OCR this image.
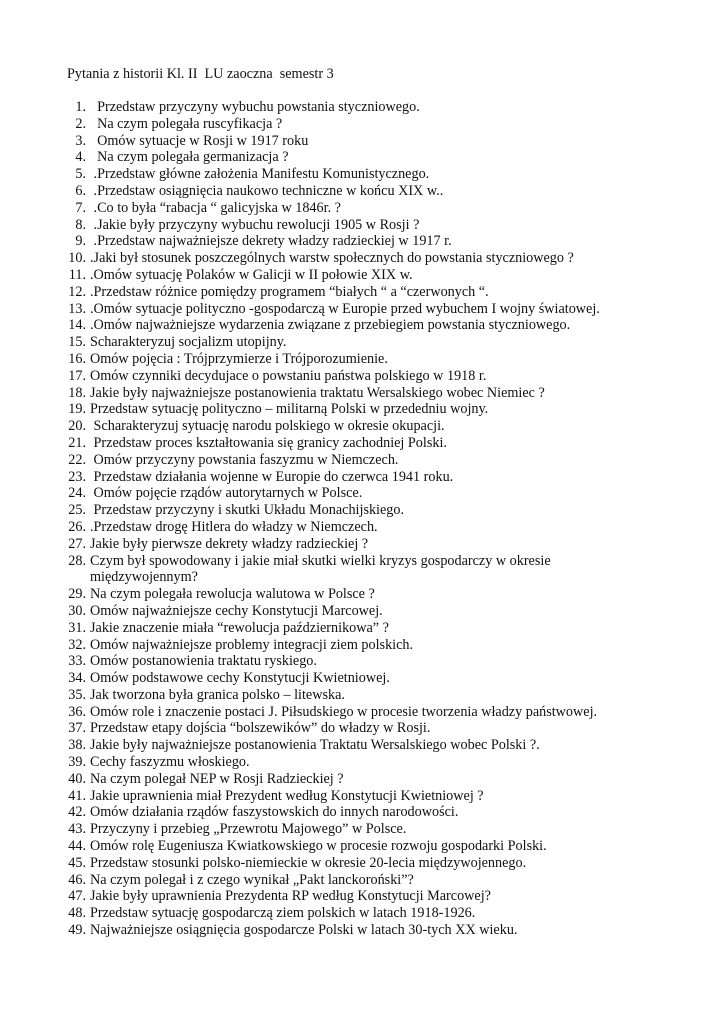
Pytania z historii Kl. II  LU zaoczna  semestr 3
1. Przedstaw przyczyny wybuchu powstania styczniowego.
2. Na czym polegała ruscyfikacja ?
3. Omów sytuacje w Rosji w 1917 roku
4. Na czym polegała germanizacja ?
5. .Przedstaw główne założenia Manifestu Komunistycznego.
6. .Przedstaw osiągnięcia naukowo techniczne w końcu XIX w..
7. .Co to była “rabacja “ galicyjska w 1846r. ?
8. .Jakie były przyczyny wybuchu rewolucji 1905 w Rosji ?
9. .Przedstaw najważniejsze dekrety władzy radzieckiej w 1917 r.
10. .Jaki był stosunek poszczególnych warstw społecznych do powstania styczniowego ?
11. .Omów sytuację Polaków w Galicji w II połowie XIX w.
12. .Przedstaw różnice pomiędzy programem “białych “ a “czerwonych “.
13. .Omów sytuacje polityczno -gospodarczą w Europie przed wybuchem I wojny światowej.
14. .Omów najważniejsze wydarzenia związane z przebiegiem powstania styczniowego.
15. Scharakteryzuj socjalizm utopijny.
16. Omów pojęcia : Trójprzymierze i Trójporozumienie.
17. Omów czynniki decydujace o powstaniu państwa polskiego w 1918 r.
18. Jakie były najważniejsze postanowienia traktatu Wersalskiego wobec Niemiec ?
19. Przedstaw sytuację polityczno – militarną Polski w przededniu wojny.
20. Scharakteryzuj sytuację narodu polskiego w okresie okupacji.
21. Przedstaw proces kształtowania się granicy zachodniej Polski.
22. Omów przyczyny powstania faszyzmu w Niemczech.
23. Przedstaw działania wojenne w Europie do czerwca 1941 roku.
24. Omów pojęcie rządów autorytarnych w Polsce.
25. Przedstaw przyczyny i skutki Układu Monachijskiego.
26. .Przedstaw drogę Hitlera do władzy w Niemczech.
27. Jakie były pierwsze dekrety władzy radzieckiej ?
28. Czym był spowodowany i jakie miał skutki wielki kryzys gospodarczy w okresie
międzywojennym?
29. Na czym polegała rewolucja walutowa w Polsce ?
30. Omów najważniejsze cechy Konstytucji Marcowej.
31. Jakie znaczenie miała “rewolucja październikowa” ?
32. Omów najważniejsze problemy integracji ziem polskich.
33. Omów postanowienia traktatu ryskiego.
34. Omów podstawowe cechy Konstytucji Kwietniowej.
35. Jak tworzona była granica polsko – litewska.
36. Omów role i znaczenie postaci J. Piłsudskiego w procesie tworzenia władzy państwowej.
37. Przedstaw etapy dojścia “bolszewików” do władzy w Rosji.
38. Jakie były najważniejsze postanowienia Traktatu Wersalskiego wobec Polski ?.
39. Cechy faszyzmu włoskiego.
40. Na czym polegał NEP w Rosji Radzieckiej ?
41. Jakie uprawnienia miał Prezydent według Konstytucji Kwietniowej ?
42. Omów działania rządów faszystowskich do innych narodowości.
43. Przyczyny i przebieg „Przewrotu Majowego” w Polsce.
44. Omów rolę Eugeniusza Kwiatkowskiego w procesie rozwoju gospodarki Polski.
45. Przedstaw stosunki polsko-niemieckie w okresie 20-lecia międzywojennego.
46. Na czym polegał i z czego wynikał „Pakt lanckoroński”?
47. Jakie były uprawnienia Prezydenta RP według Konstytucji Marcowej?
48. Przedstaw sytuację gospodarczą ziem polskich w latach 1918-1926.
49. Najważniejsze osiągnięcia gospodarcze Polski w latach 30-tych XX wieku.
